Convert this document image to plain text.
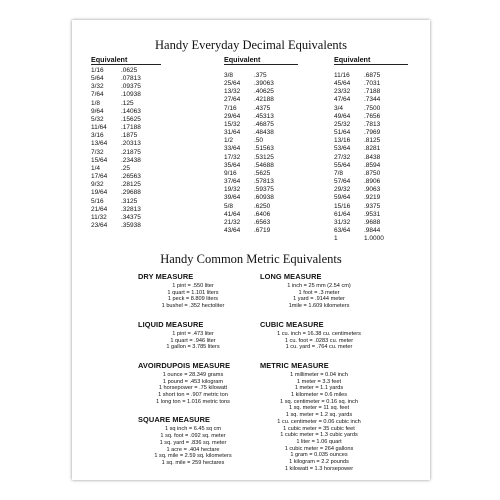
Handy Everyday Decimal Equivalents
Equivalent
1/16	.0625
5/64	.07813
3/32	.09375
7/64	.10938
1/8	.125
9/64	.14063
5/32	.15625
11/64	.17188
3/16	.1875
13/64	.20313
7/32	.21875
15/64	.23438
1/4	.25
17/64	.26563
9/32	.28125
19/64	.29688
5/16	.3125
21/64	.32813
11/32	.34375
23/64	.35938
Equivalent
3/8	.375
25/64	.39063
13/32	.40625
27/64	.42188
7/16	.4375
29/64	.45313
15/32	.46875
31/64	.48438
1/2	.50
33/64	.51563
17/32	.53125
35/64	.54688
9/16	.5625
37/64	.57813
19/32	.59375
39/64	.60938
5/8	.6250
41/64	.6406
21/32	.6563
43/64	.6719
Equivalent
11/16	.6875
45/64	.7031
23/32	.7188
47/64	.7344
3/4	.7500
49/64	.7656
25/32	.7813
51/64	.7969
13/16	.8125
53/64	.8281
27/32	.8438
55/64	.8594
7/8	.8750
57/64	.8906
29/32	.9063
59/64	.9219
15/16	.9375
61/64	.9531
31/32	.9688
63/64	.9844
1	1.0000
Handy Common Metric Equivalents
DRY MEASURE
1 pint = .550 liter
1 quart = 1.101 liters
1 peck = 8.809 liters
1 bushel = .352 hectoliter
LIQUID MEASURE
1 pint = .473 liter
1 quart = .946 liter
1 gallon = 3.785 liters
AVOIRDUPOIS MEASURE
1 ounce = 28.349 grams
1 pound = .453 kilogram
1 horsepower = .75 kilowatt
1 short ton = .907 metric ton
1 long ton = 1.016 metric tons
SQUARE MEASURE
1 sq inch = 6.45 sq cm
1 sq. foot = .092 sq. meter
1 sq. yard = .836 sq. meter
1 acre = .404 hectare
1 sq. mile = 2.59 sq. kilometers
1 sq. mile = 259 hectares
LONG MEASURE
1 inch = 25 mm (2.54 cm)
1 foot = .3 meter
1 yard = .9144 meter
1mile = 1.609 kilometers
CUBIC MEASURE
1 cu. inch = 16.38 cu. centimeters
1 cu. foot = .0283 cu. meter
1 cu. yard = .764 cu. meter
METRIC MEASURE
1 millimeter = 0.04 inch
1 meter = 3.3 feet
1 meter = 1.1 yards
1 kilometer = 0.6 miles
1 sq. centimeter = 0.16 sq. inch
1 sq. meter = 11 sq. feet
1 sq. meter = 1.2 sq. yards
1 cu. centimeter = 0.06 cubic inch
1 cubic meter = 35 cubic feet
1 cubic meter = 1.3 cubic yards
1 liter = 1.06 quart
1 cubic meter = 264 gallons
1 gram = 0.035 ounces
1 kilogram = 2.2 pounds
1 kilowatt = 1.3 horsepower
